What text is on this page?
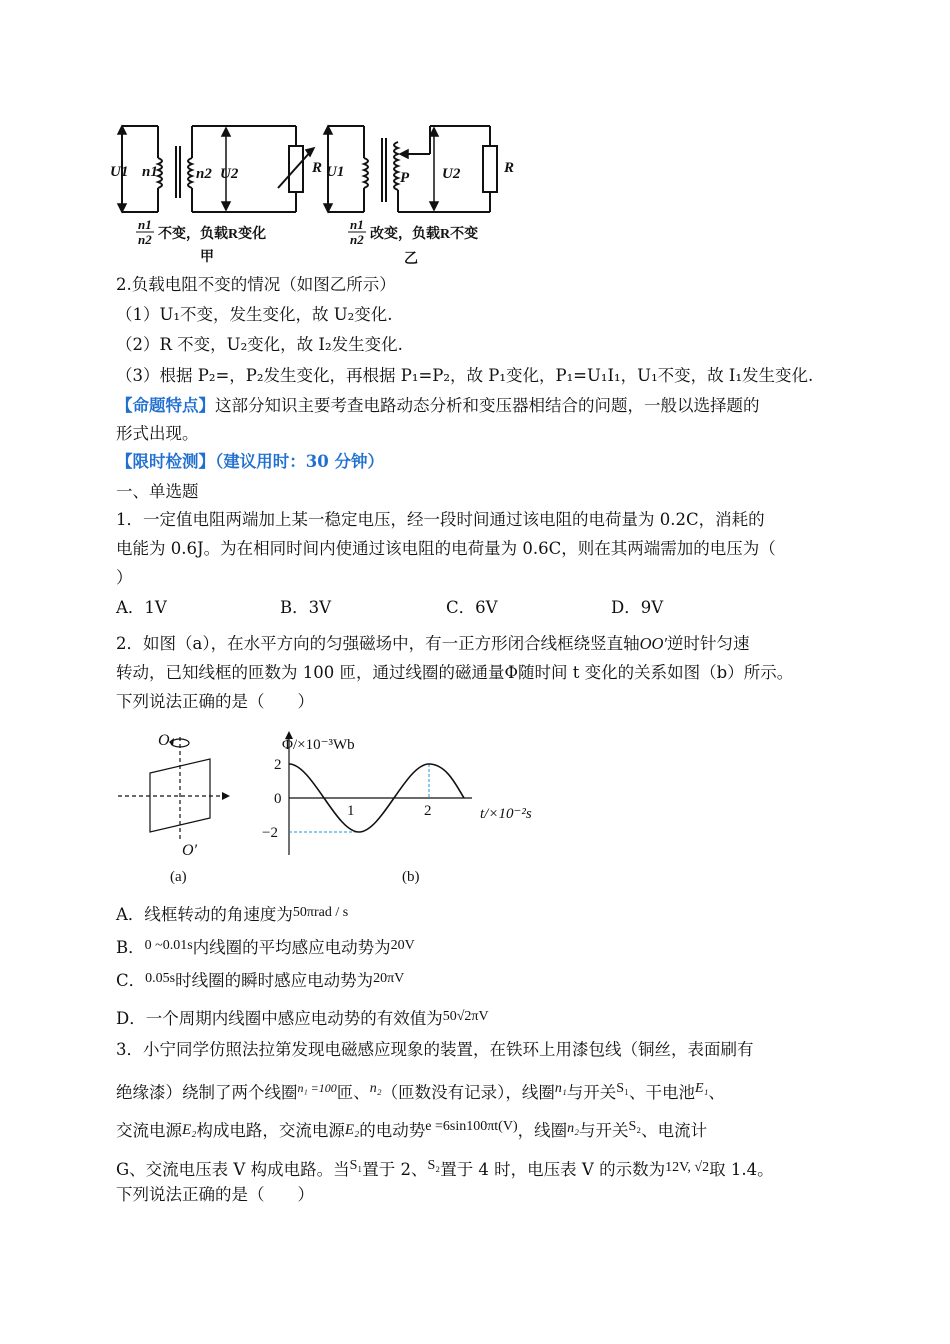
U1 n1	n2 U2	R U1	P U2	R
n1
n2
n1
n2
不变，负载R变化	改变，负载R不变
甲	乙
2.负载电阻不变的情况（如图乙所示）
（1）U₁不变，发生变化，故 U₂变化.
（2）R 不变，U₂变化，故 I₂发生变化.
（3）根据 P₂=，P₂发生变化，再根据 P₁=P₂，故 P₁变化，P₁=U₁I₁，U₁不变，故 I₁发生变化.
【命题特点】这部分知识主要考查电路动态分析和变压器相结合的问题，一般以选择题的
形式出现。
【限时检测】（建议用时：30 分钟）
一、单选题
1．一定值电阻两端加上某一稳定电压，经一段时间通过该电阻的电荷量为 0.2C，消耗的
电能为 0.6J。为在相同时间内使通过该电阻的电荷量为 0.6C，则在其两端需加的电压为（
）
A．1V	B．3V	C．6V	D．9V
2．如图（a），在水平方向的匀强磁场中，有一正方形闭合线框绕竖直轴OO′逆时针匀速
转动，已知线框的匝数为 100 匝，通过线圈的磁通量Φ随时间 t 变化的关系如图（b）所示。
下列说法正确的是（　　）
O
O′
(a)
Φ/×10⁻³Wb
2
0
−2
1	2	t/×10⁻²s
(b)
A．线框转动的角速度为$^{50\pi rad / s}$
B．$^{0 \sim 0.01s}$内线圈的平均感应电动势为$^{20V}$
C．$^{0.05s}$时线圈的瞬时感应电动势为$^{20\pi V}$
D．一个周期内线圈中感应电动势的有效值为$^{50√2\pi V}$
3．小宁同学仿照法拉第发现电磁感应现象的装置，在铁环上用漆包线（铜丝，表面刷有
绝缘漆）绕制了两个线圈$^{n_1 =100}$匝、$^{n_2}$（匝数没有记录），线圈$^{n_1}$与开关$^{S_1}$、干电池$^{E_1}$、
交流电源E₂构成电路，交流电源E₂的电动势$^{e =6sin100\pi t(V)}$，线圈$^{n_2}$与开关$^{S_2}$、电流计
G、交流电压表 V 构成电路。当$^{S_1}$置于 2、$^{S_2}$置于 4 时，电压表 V 的示数为$^{12V, √2}$取 1.4。
下列说法正确的是（　　）
